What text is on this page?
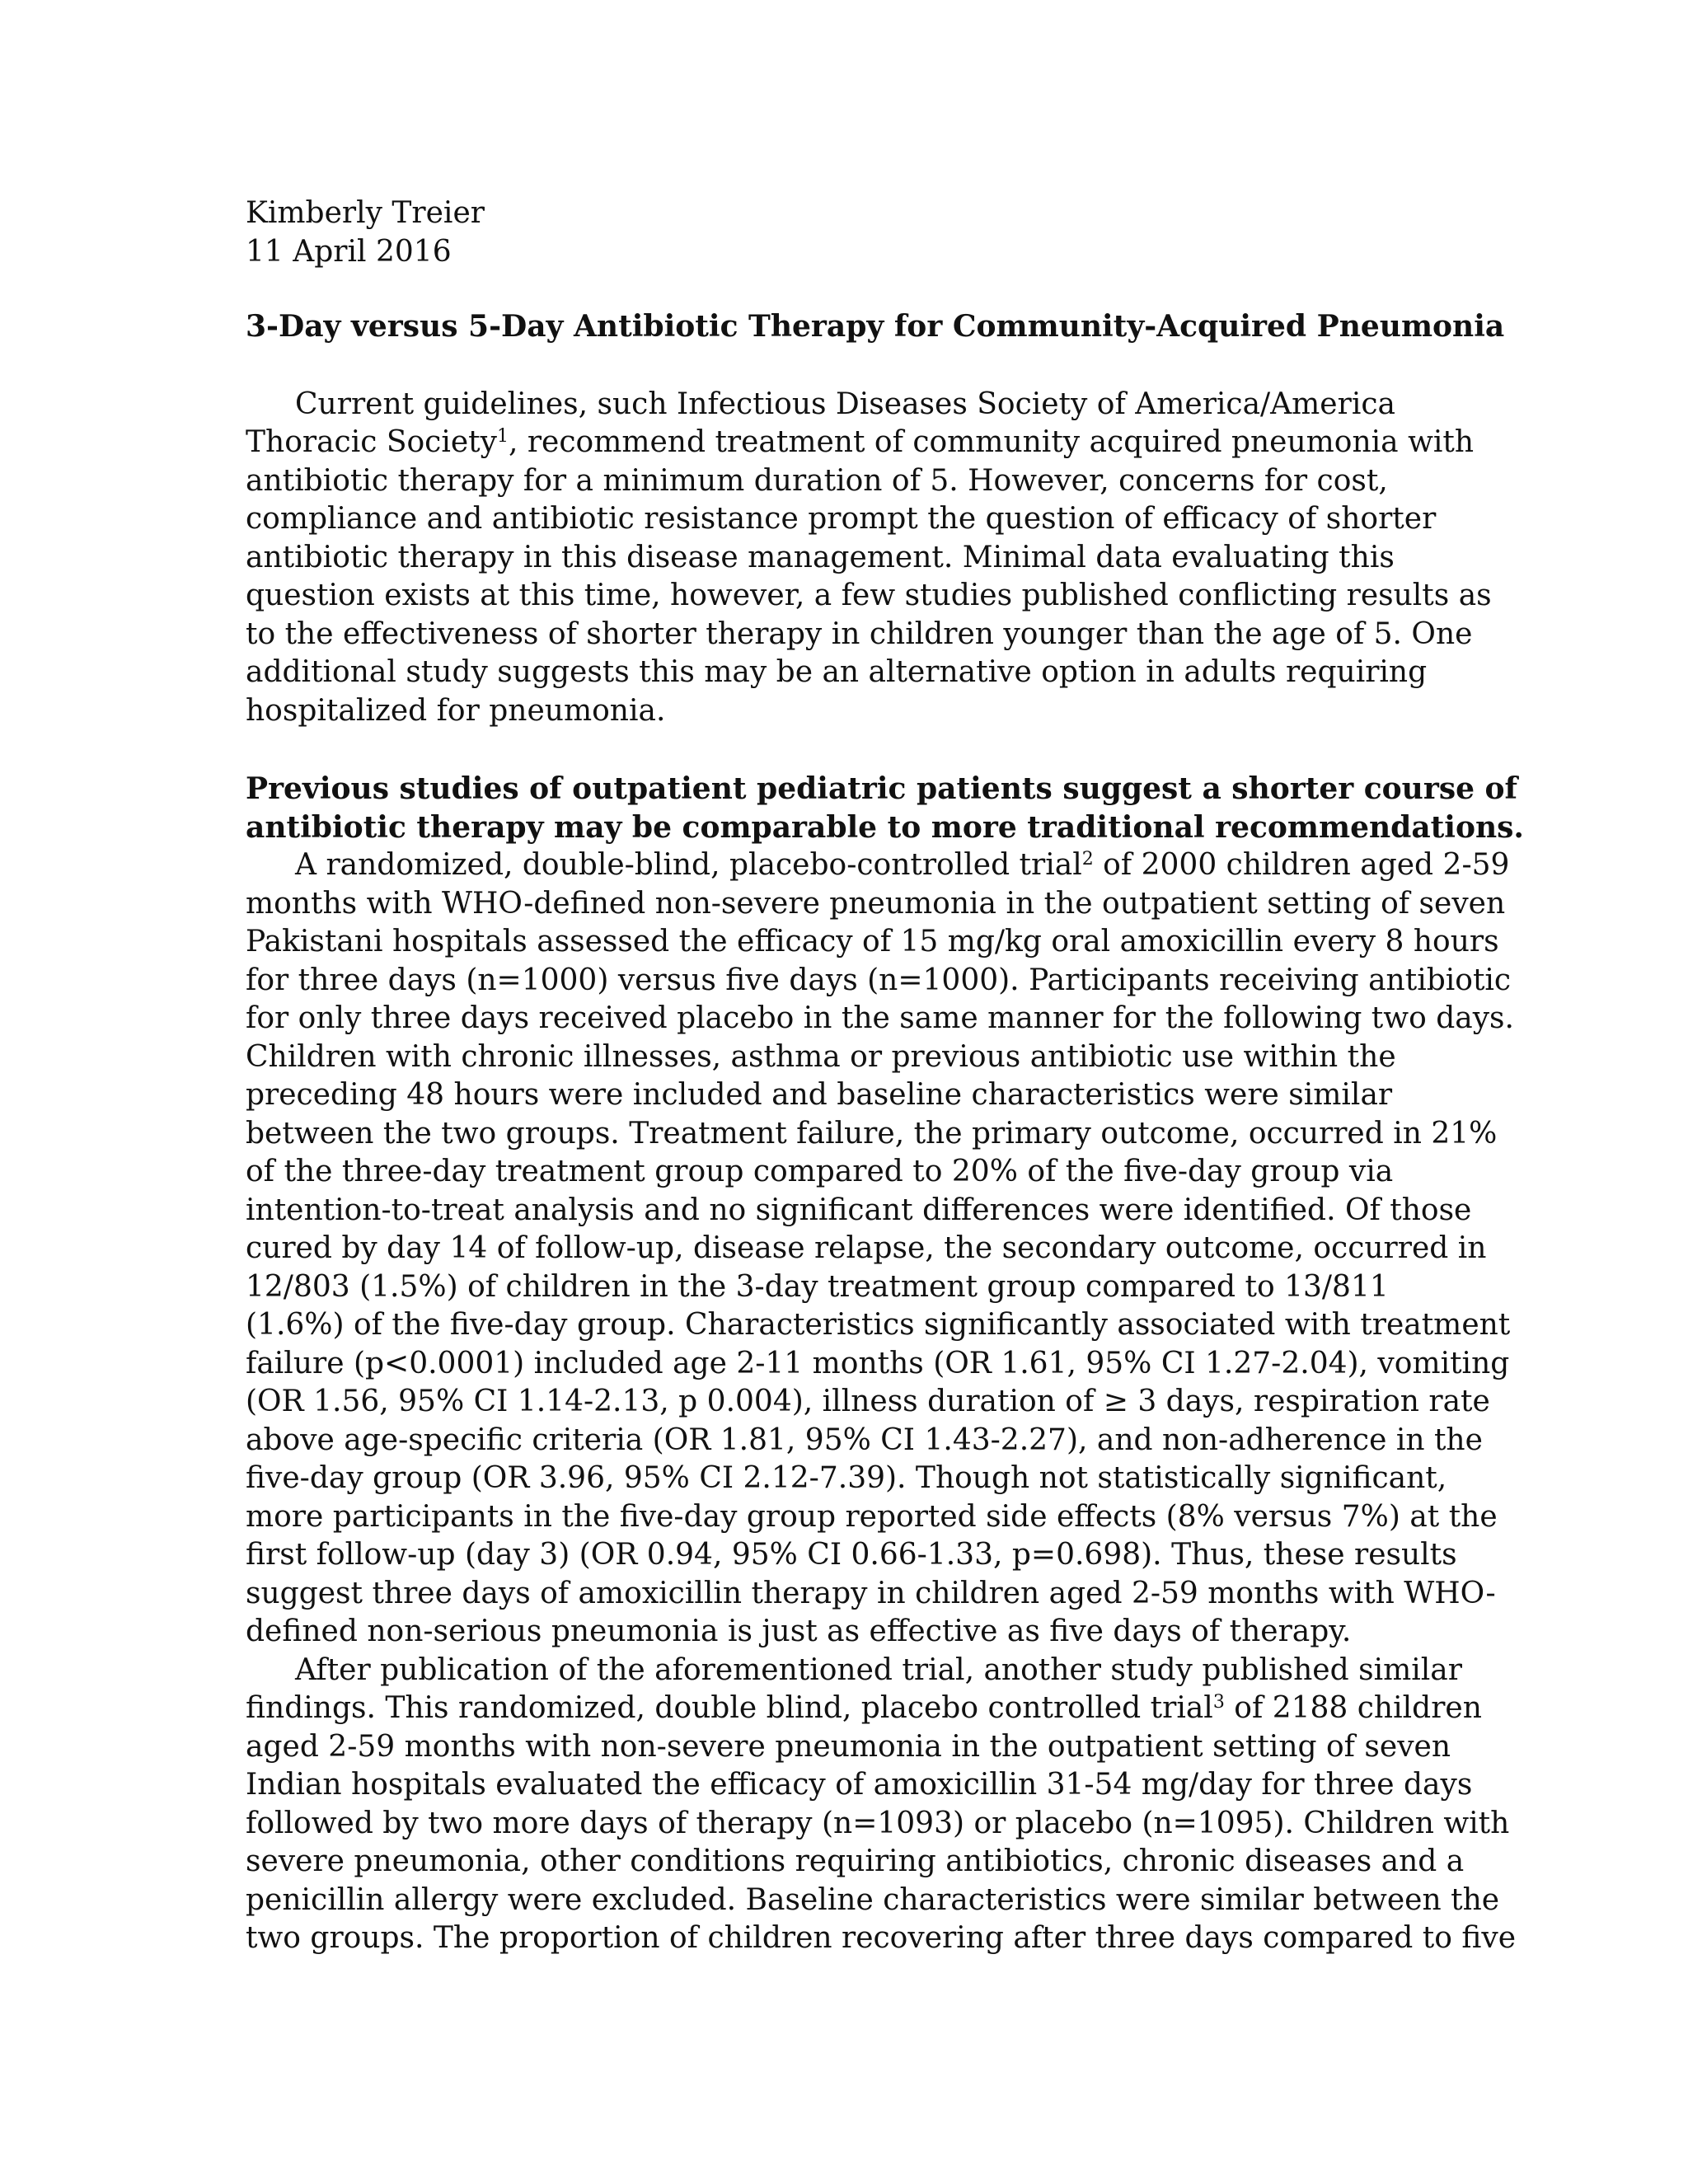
Kimberly Treier
11 April 2016
3-Day versus 5-Day Antibiotic Therapy for Community-Acquired Pneumonia
Current guidelines, such Infectious Diseases Society of America/America
Thoracic Society$^1$, recommend treatment of community acquired pneumonia with
antibiotic therapy for a minimum duration of 5. However, concerns for cost,
compliance and antibiotic resistance prompt the question of efficacy of shorter
antibiotic therapy in this disease management. Minimal data evaluating this
question exists at this time, however, a few studies published conflicting results as
to the effectiveness of shorter therapy in children younger than the age of 5. One
additional study suggests this may be an alternative option in adults requiring
hospitalized for pneumonia.
Previous studies of outpatient pediatric patients suggest a shorter course of
antibiotic therapy may be comparable to more traditional recommendations.
A randomized, double-blind, placebo-controlled trial$^2$ of 2000 children aged 2-59
months with WHO-defined non-severe pneumonia in the outpatient setting of seven
Pakistani hospitals assessed the efficacy of 15 mg/kg oral amoxicillin every 8 hours
for three days (n=1000) versus five days (n=1000). Participants receiving antibiotic
for only three days received placebo in the same manner for the following two days.
Children with chronic illnesses, asthma or previous antibiotic use within the
preceding 48 hours were included and baseline characteristics were similar
between the two groups. Treatment failure, the primary outcome, occurred in 21%
of the three-day treatment group compared to 20% of the five-day group via
intention-to-treat analysis and no significant differences were identified. Of those
cured by day 14 of follow-up, disease relapse, the secondary outcome, occurred in
12/803 (1.5%) of children in the 3-day treatment group compared to 13/811
(1.6%) of the five-day group. Characteristics significantly associated with treatment
failure (p<0.0001) included age 2-11 months (OR 1.61, 95% CI 1.27-2.04), vomiting
(OR 1.56, 95% CI 1.14-2.13, p 0.004), illness duration of ≥ 3 days, respiration rate
above age-specific criteria (OR 1.81, 95% CI 1.43-2.27), and non-adherence in the
five-day group (OR 3.96, 95% CI 2.12-7.39). Though not statistically significant,
more participants in the five-day group reported side effects (8% versus 7%) at the
first follow-up (day 3) (OR 0.94, 95% CI 0.66-1.33, p=0.698). Thus, these results
suggest three days of amoxicillin therapy in children aged 2-59 months with WHO-
defined non-serious pneumonia is just as effective as five days of therapy.
After publication of the aforementioned trial, another study published similar
findings. This randomized, double blind, placebo controlled trial$^3$ of 2188 children
aged 2-59 months with non-severe pneumonia in the outpatient setting of seven
Indian hospitals evaluated the efficacy of amoxicillin 31-54 mg/day for three days
followed by two more days of therapy (n=1093) or placebo (n=1095). Children with
severe pneumonia, other conditions requiring antibiotics, chronic diseases and a
penicillin allergy were excluded. Baseline characteristics were similar between the
two groups. The proportion of children recovering after three days compared to five
